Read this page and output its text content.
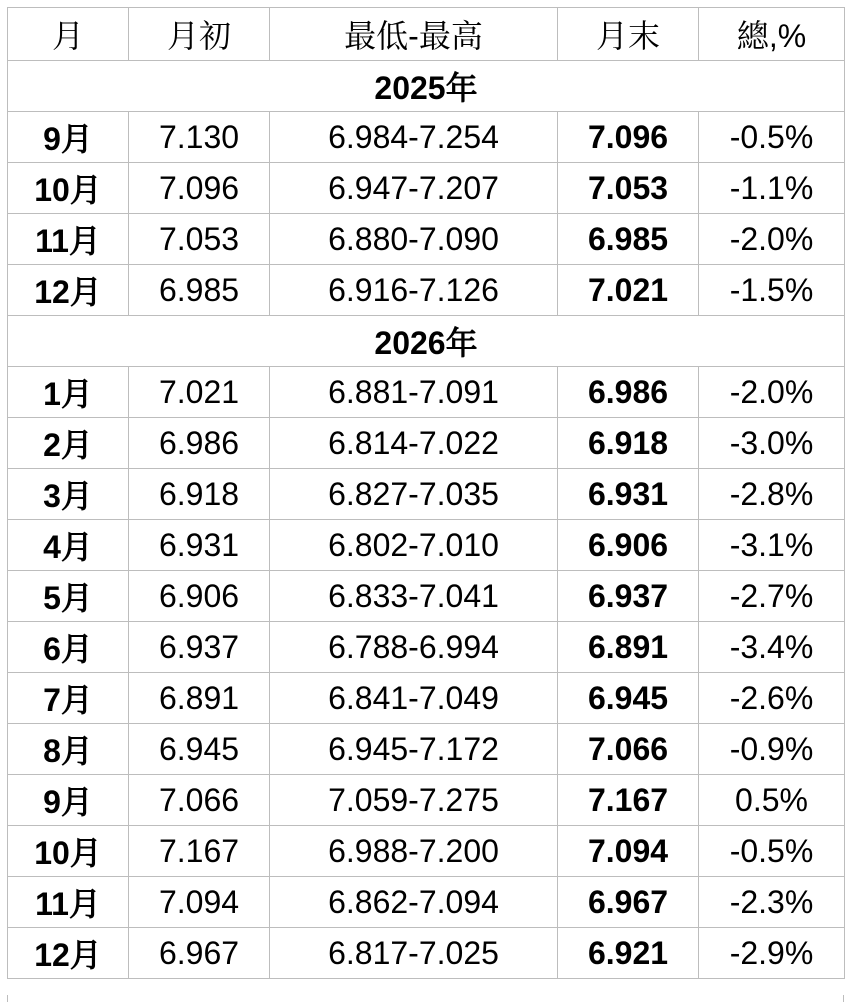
月	月初	最低-最高	月末	總,%
2025年				
9月	7.130	6.984-7.254	7.096	-0.5%
10月	7.096	6.947-7.207	7.053	-1.1%
11月	7.053	6.880-7.090	6.985	-2.0%
12月	6.985	6.916-7.126	7.021	-1.5%
2026年				
1月	7.021	6.881-7.091	6.986	-2.0%
2月	6.986	6.814-7.022	6.918	-3.0%
3月	6.918	6.827-7.035	6.931	-2.8%
4月	6.931	6.802-7.010	6.906	-3.1%
5月	6.906	6.833-7.041	6.937	-2.7%
6月	6.937	6.788-6.994	6.891	-3.4%
7月	6.891	6.841-7.049	6.945	-2.6%
8月	6.945	6.945-7.172	7.066	-0.9%
9月	7.066	7.059-7.275	7.167	0.5%
10月	7.167	6.988-7.200	7.094	-0.5%
11月	7.094	6.862-7.094	6.967	-2.3%
12月	6.967	6.817-7.025	6.921	-2.9%
